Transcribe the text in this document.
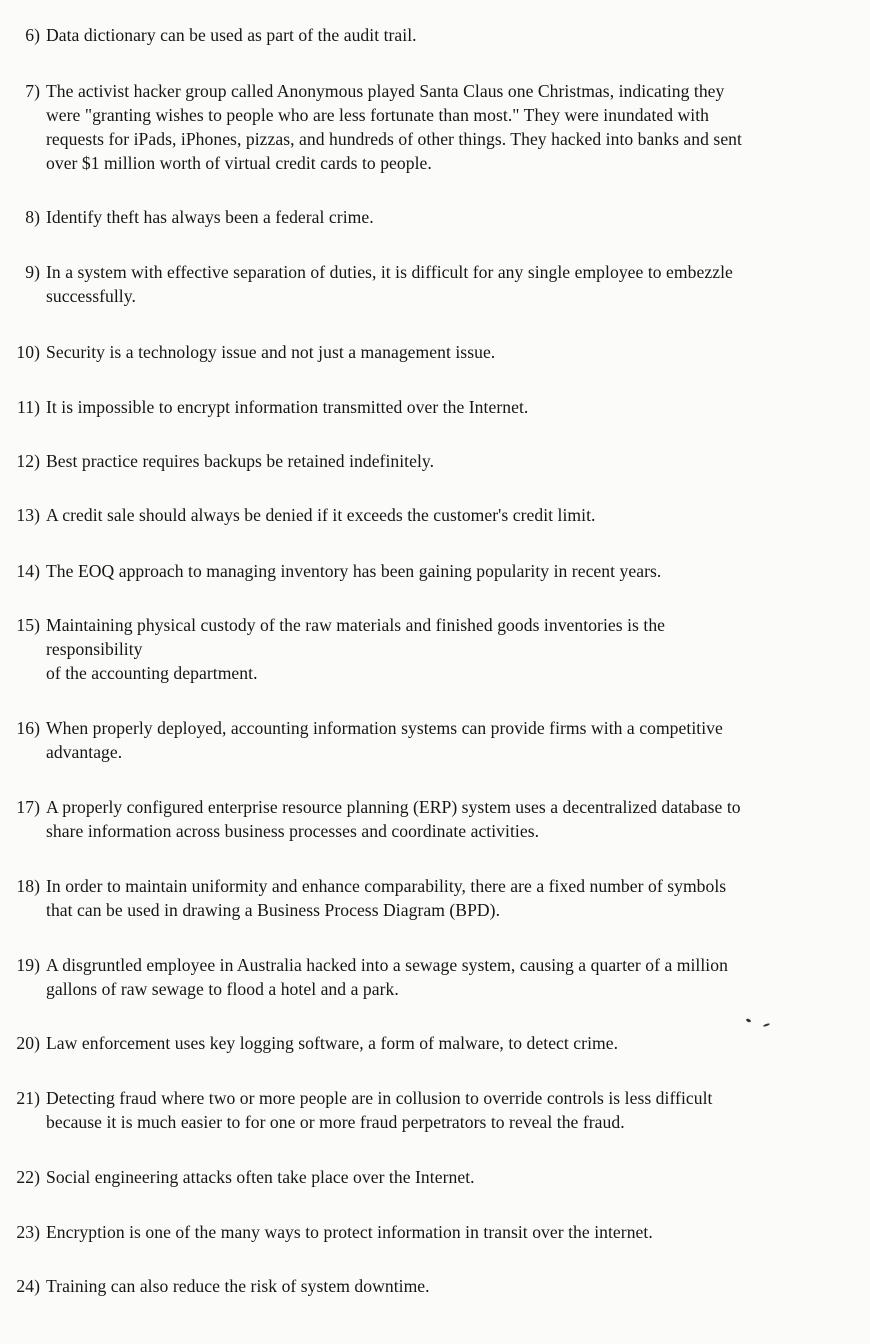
6) Data dictionary can be used as part of the audit trail.
7) The activist hacker group called Anonymous played Santa Claus one Christmas, indicating they
were "granting wishes to people who are less fortunate than most." They were inundated with
requests for iPads, iPhones, pizzas, and hundreds of other things. They hacked into banks and sent
over $1 million worth of virtual credit cards to people.
8) Identify theft has always been a federal crime.
9) In a system with effective separation of duties, it is difficult for any single employee to embezzle
successfully.
10) Security is a technology issue and not just a management issue.
11) It is impossible to encrypt information transmitted over the Internet.
12) Best practice requires backups be retained indefinitely.
13) A credit sale should always be denied if it exceeds the customer's credit limit.
14) The EOQ approach to managing inventory has been gaining popularity in recent years.
15) Maintaining physical custody of the raw materials and finished goods inventories is the
responsibility
of the accounting department.
16) When properly deployed, accounting information systems can provide firms with a competitive
advantage.
17) A properly configured enterprise resource planning (ERP) system uses a decentralized database to
share information across business processes and coordinate activities.
18) In order to maintain uniformity and enhance comparability, there are a fixed number of symbols
that can be used in drawing a Business Process Diagram (BPD).
19) A disgruntled employee in Australia hacked into a sewage system, causing a quarter of a million
gallons of raw sewage to flood a hotel and a park.
20) Law enforcement uses key logging software, a form of malware, to detect crime.
21) Detecting fraud where two or more people are in collusion to override controls is less difficult
because it is much easier to for one or more fraud perpetrators to reveal the fraud.
22) Social engineering attacks often take place over the Internet.
23) Encryption is one of the many ways to protect information in transit over the internet.
24) Training can also reduce the risk of system downtime.
